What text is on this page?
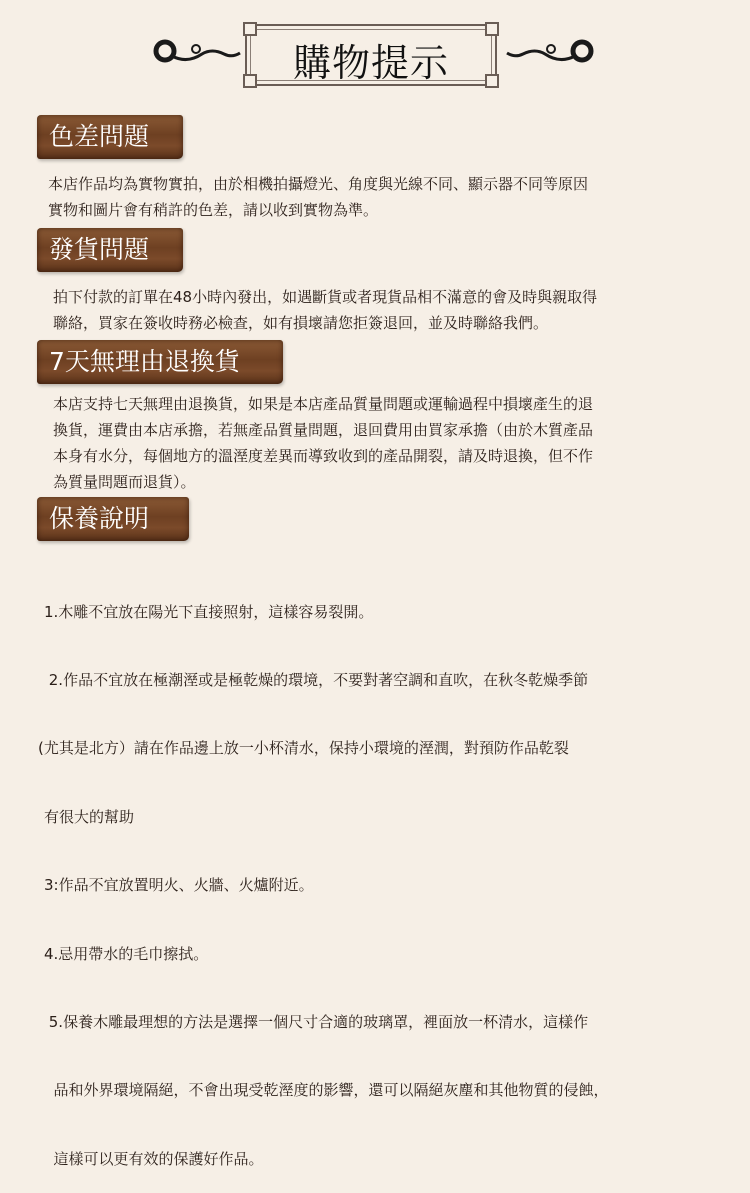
購物提示
色差問題
本店作品均為實物實拍，由於相機拍攝燈光、角度與光線不同、顯示器不同等原因
實物和圖片會有稍許的色差，請以收到實物為準。
發貨問題
拍下付款的訂單在48小時內發出，如遇斷貨或者現貨品相不滿意的會及時與親取得
聯絡，買家在簽收時務必檢查，如有損壞請您拒簽退回，並及時聯絡我們。
7天無理由退換貨
本店支持七天無理由退換貨，如果是本店產品質量問題或運輸過程中損壞產生的退
換貨，運費由本店承擔，若無產品質量問題，退回費用由買家承擔（由於木質產品
本身有水分，每個地方的溫溼度差異而導致收到的產品開裂，請及時退換，但不作
為質量問題而退貨）。
保養說明

1.木雕不宜放在陽光下直接照射，這樣容易裂開。

2.作品不宜放在極潮溼或是極乾燥的環境，不要對著空調和直吹，在秋冬乾燥季節

(尤其是北方）請在作品邊上放一小杯清水，保持小環境的溼潤，對預防作品乾裂

有很大的幫助

3:作品不宜放置明火、火牆、火爐附近。

4.忌用帶水的毛巾擦拭。

5.保養木雕最理想的方法是選擇一個尺寸合適的玻璃罩，裡面放一杯清水，這樣作

品和外界環境隔絕，不會出現受乾溼度的影響，還可以隔絕灰塵和其他物質的侵蝕，

這樣可以更有效的保護好作品。
